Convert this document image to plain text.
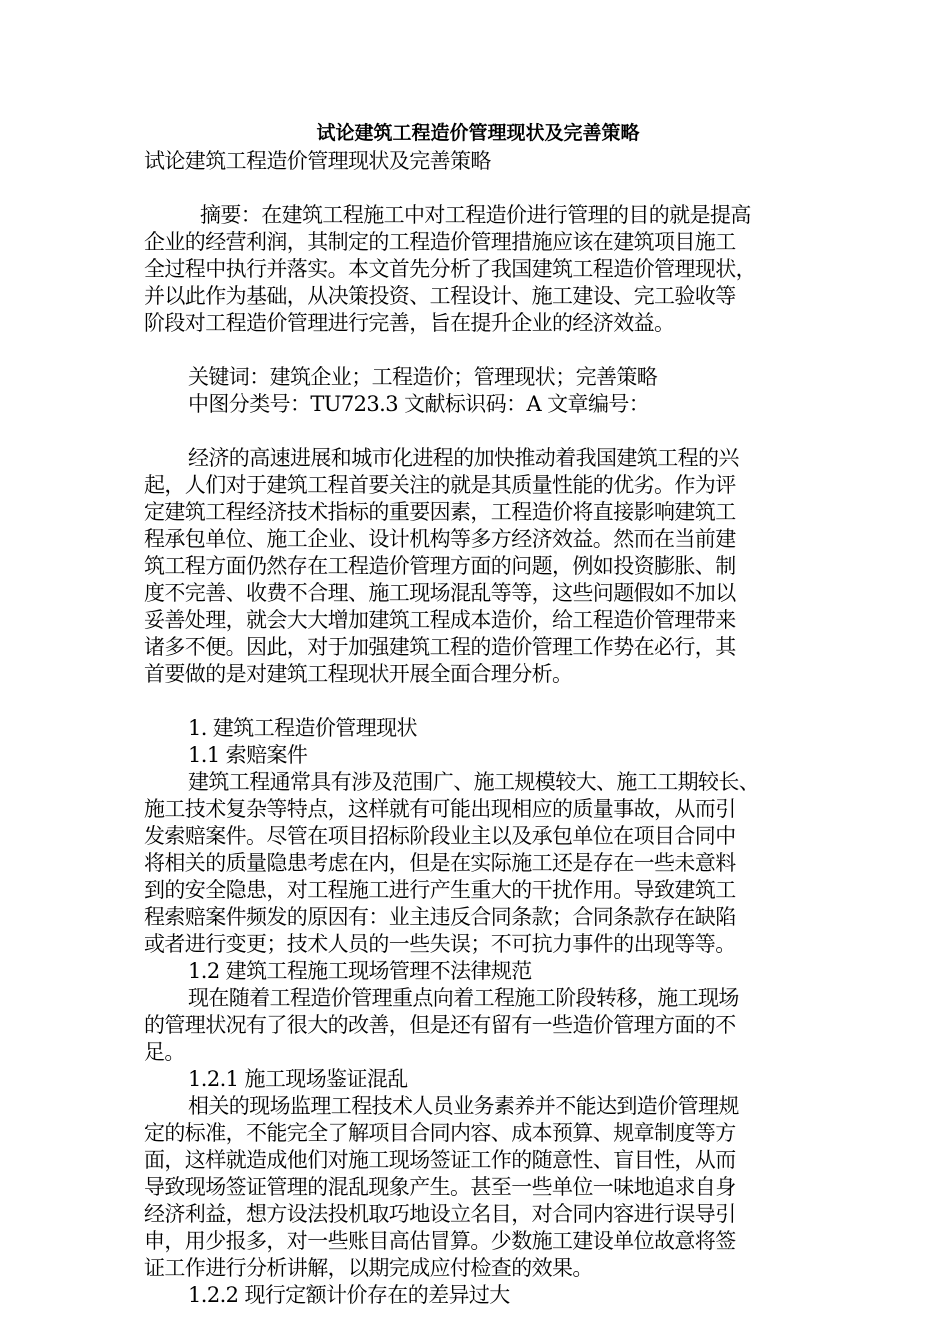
试论建筑工程造价管理现状及完善策略

试论建筑工程造价管理现状及完善策略

摘要：在建筑工程施工中对工程造价进行管理的目的就是提高

企业的经营利润，其制定的工程造价管理措施应该在建筑项目施工

全过程中执行并落实。本文首先分析了我国建筑工程造价管理现状，

并以此作为基础，从决策投资、工程设计、施工建设、完工验收等

阶段对工程造价管理进行完善，旨在提升企业的经济效益。

关键词：建筑企业；工程造价；管理现状；完善策略

中图分类号：TU723.3 文献标识码：A 文章编号：

经济的高速进展和城市化进程的加快推动着我国建筑工程的兴

起，人们对于建筑工程首要关注的就是其质量性能的优劣。作为评

定建筑工程经济技术指标的重要因素，工程造价将直接影响建筑工

程承包单位、施工企业、设计机构等多方经济效益。然而在当前建

筑工程方面仍然存在工程造价管理方面的问题，例如投资膨胀、制

度不完善、收费不合理、施工现场混乱等等，这些问题假如不加以

妥善处理，就会大大增加建筑工程成本造价，给工程造价管理带来

诸多不便。因此，对于加强建筑工程的造价管理工作势在必行，其

首要做的是对建筑工程现状开展全面合理分析。

1. 建筑工程造价管理现状

1.1 索赔案件

建筑工程通常具有涉及范围广、施工规模较大、施工工期较长、

施工技术复杂等特点，这样就有可能出现相应的质量事故，从而引

发索赔案件。尽管在项目招标阶段业主以及承包单位在项目合同中

将相关的质量隐患考虑在内，但是在实际施工还是存在一些未意料

到的安全隐患，对工程施工进行产生重大的干扰作用。导致建筑工

程索赔案件频发的原因有：业主违反合同条款；合同条款存在缺陷

或者进行变更；技术人员的一些失误；不可抗力事件的出现等等。

1.2 建筑工程施工现场管理不法律规范

现在随着工程造价管理重点向着工程施工阶段转移，施工现场

的管理状况有了很大的改善，但是还有留有一些造价管理方面的不

足。

1.2.1 施工现场鉴证混乱

相关的现场监理工程技术人员业务素养并不能达到造价管理规

定的标准，不能完全了解项目合同内容、成本预算、规章制度等方

面，这样就造成他们对施工现场签证工作的随意性、盲目性，从而

导致现场签证管理的混乱现象产生。甚至一些单位一味地追求自身

经济利益，想方设法投机取巧地设立名目，对合同内容进行误导引

申，用少报多，对一些账目高估冒算。少数施工建设单位故意将签

证工作进行分析讲解，以期完成应付检查的效果。

1.2.2 现行定额计价存在的差异过大
